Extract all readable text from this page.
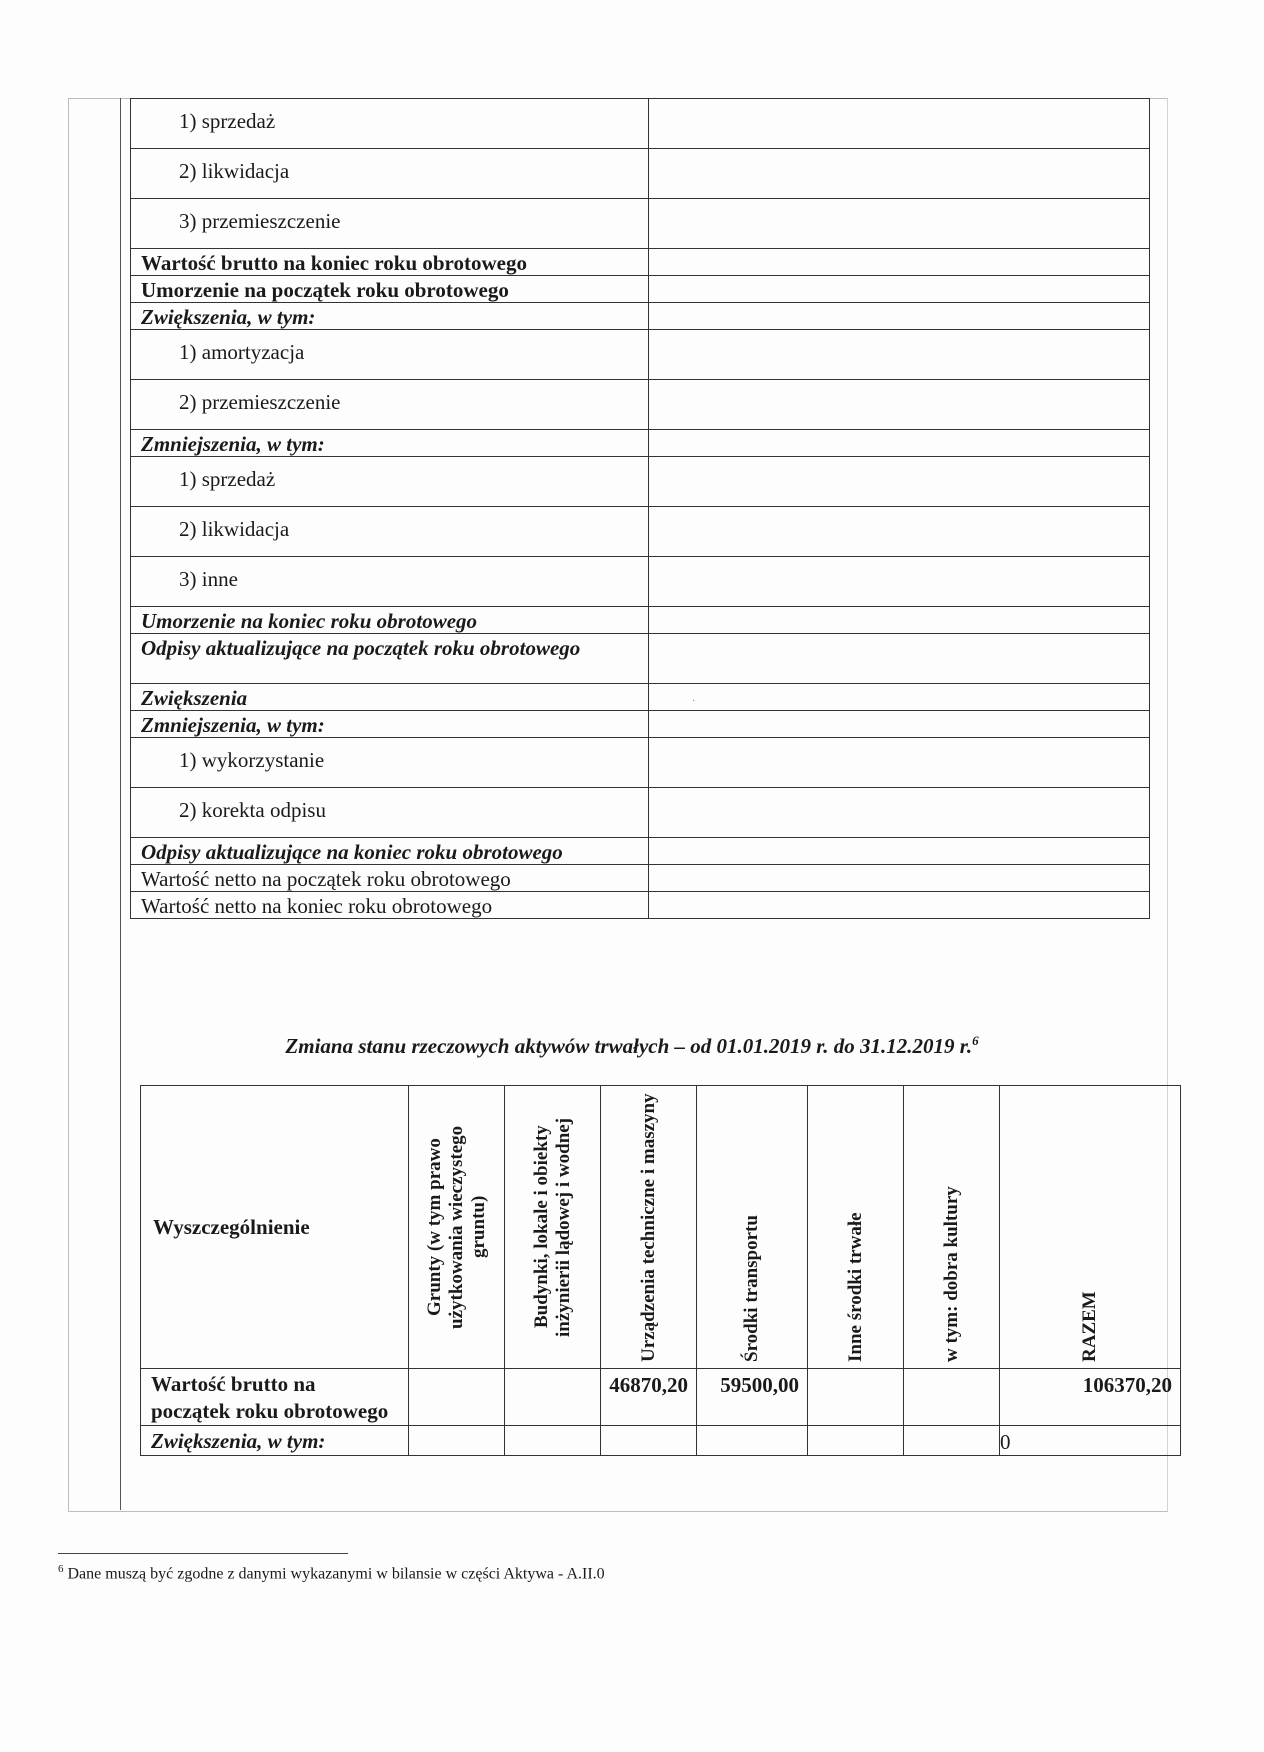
1) sprzedaż	
2) likwidacja	
3) przemieszczenie	
Wartość brutto na koniec roku obrotowego	
Umorzenie na początek roku obrotowego	
Zwiększenia, w tym:	
1) amortyzacja	
2) przemieszczenie	
Zmniejszenia, w tym:	
1) sprzedaż	
2) likwidacja	
3) inne	
Umorzenie na koniec roku obrotowego	
Odpisy aktualizujące na początek roku obrotowego	
Zwiększenia	
Zmniejszenia, w tym:	
1) wykorzystanie	
2) korekta odpisu	
Odpisy aktualizujące na koniec roku obrotowego	
Wartość netto na początek roku obrotowego	
Wartość netto na koniec roku obrotowego	
·
Zmiana stanu rzeczowych aktywów trwałych – od 01.01.2019 r. do 31.12.2019 r.$^6$
Wyszczególnienie	Grunty (w tym prawo użytkowania wieczystego gruntu)	Budynki, lokale i obiekty inżynierii lądowej i wodnej	Urządzenia techniczne i maszyny	Środki transportu	Inne środki trwałe	w tym: dobra kultury	RAZEM

Wartość brutto na początek roku obrotowego			46870,20	59500,00			106370,20
Zwiększenia, w tym:							0
$^6$ Dane muszą być zgodne z danymi wykazanymi w bilansie w części Aktywa - A.II.0
